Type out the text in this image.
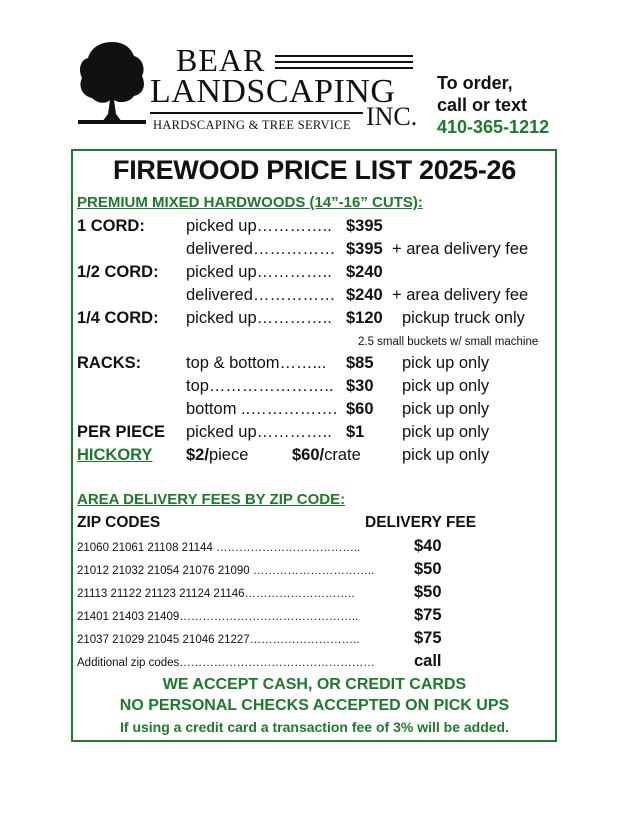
BEAR
LANDSCAPING
HARDSCAPING & TREE SERVICE INC.
To order,
call or text
410-365-1212
FIREWOOD PRICE LIST 2025-26
PREMIUM MIXED HARDWOODS (14”-16” CUTS):
1 CORD: picked up………….. $395
delivered…………… $395 + area delivery fee
1/2 CORD: picked up………….. $240
delivered…………… $240 + area delivery fee
1/4 CORD: picked up………….. $120 pickup truck only
2.5 small buckets w/ small machine
RACKS:	top & bottom……... $85 pick up only
top………………….. $30 pick up only
bottom ..……………. $60 pick up only
PER PIECE picked up………….. $1 pick up only
HICKORY $2/piece	$60/crate pick up only
AREA DELIVERY FEES BY ZIP CODE:
ZIP CODES	DELIVERY FEE
21060 21061 21108 21144 ………………………………..	$40
21012 21032 21054 21076 21090 ………………………….. $50
21113 21122 21123 21124 21146………………………..	$50
21401 21403 21409………………………………………..	$75
21037 21029 21045 21046 21227………………………..	$75
Additional zip codes…………………………………………… call
WE ACCEPT CASH, OR CREDIT CARDS
NO PERSONAL CHECKS ACCEPTED ON PICK UPS
If using a credit card a transaction fee of 3% will be added.
